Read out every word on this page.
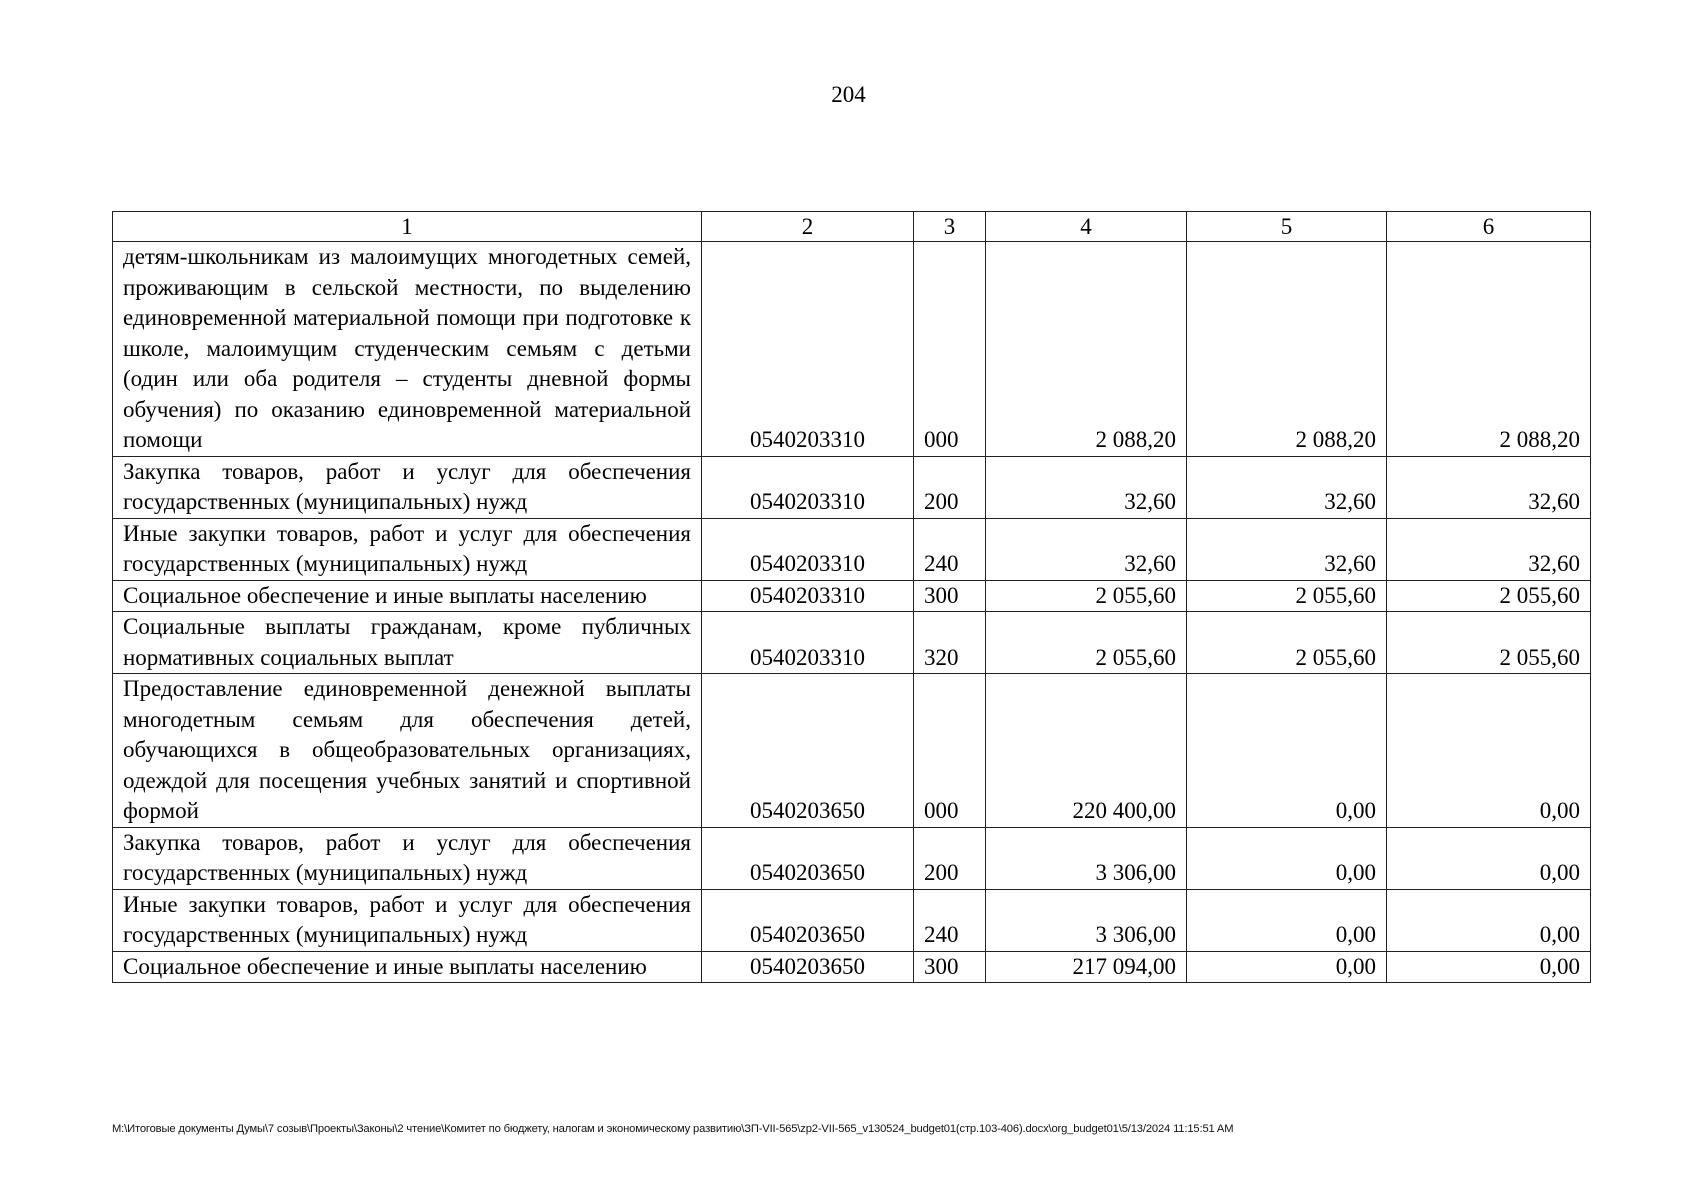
204
1	2	3	4	5	6
детям-школьникам из малоимущих многодетных семей, проживающим в сельской местности, по выделению единовременной материальной помощи при подготовке к школе, малоимущим студенческим семьям с детьми (один или оба родителя – студенты дневной формы обучения) по оказанию единовременной материальной помощи	0540203310	000	2 088,20	2 088,20	2 088,20
Закупка товаров, работ и услуг для обеспечения государственных (муниципальных) нужд	0540203310	200	32,60	32,60	32,60
Иные закупки товаров, работ и услуг для обеспечения государственных (муниципальных) нужд	0540203310	240	32,60	32,60	32,60
Социальное обеспечение и иные выплаты населению	0540203310	300	2 055,60	2 055,60	2 055,60
Социальные выплаты гражданам, кроме публичных нормативных социальных выплат	0540203310	320	2 055,60	2 055,60	2 055,60
Предоставление единовременной денежной выплаты многодетным семьям для обеспечения детей, обучающихся в общеобразовательных организациях, одеждой для посещения учебных занятий и спортивной формой	0540203650	000	220 400,00	0,00	0,00
Закупка товаров, работ и услуг для обеспечения государственных (муниципальных) нужд	0540203650	200	3 306,00	0,00	0,00
Иные закупки товаров, работ и услуг для обеспечения государственных (муниципальных) нужд	0540203650	240	3 306,00	0,00	0,00
Социальное обеспечение и иные выплаты населению	0540203650	300	217 094,00	0,00	0,00
M:\Итоговые документы Думы\7 созыв\Проекты\Законы\2 чтение\Комитет по бюджету, налогам и экономическому развитию\ЗП-VII-565\zp2-VII-565_v130524_budget01(стр.103-406).docx\org_budget01\5/13/2024 11:15:51 AM
